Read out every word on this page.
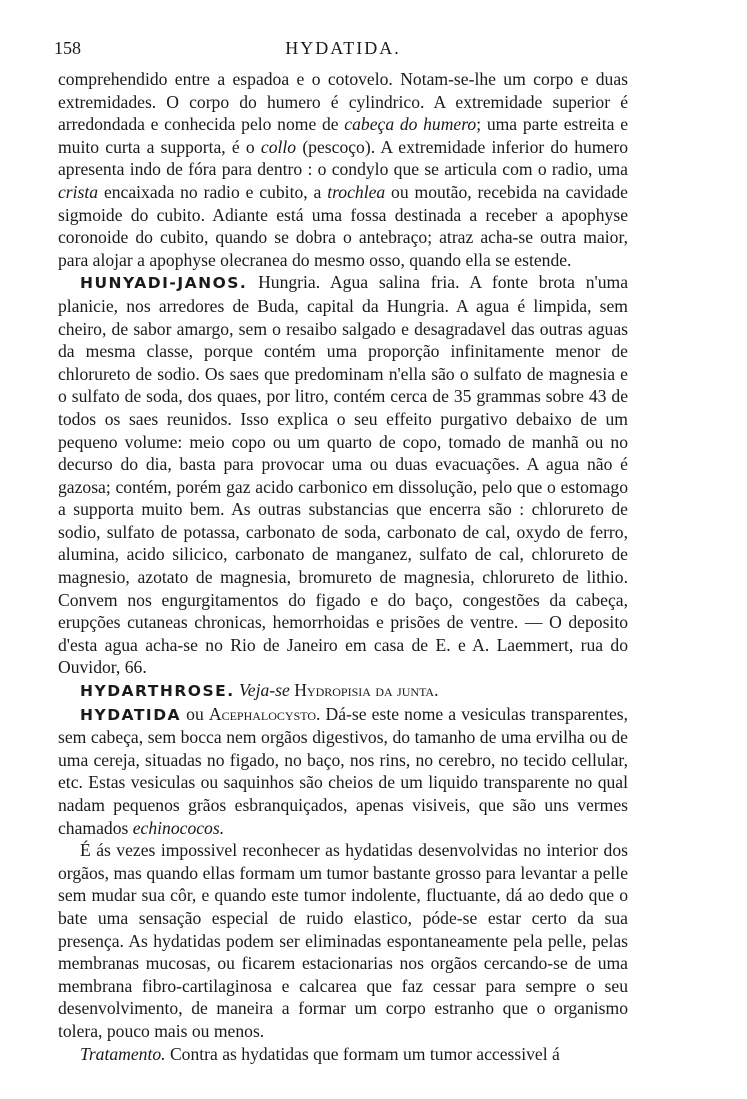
158	HYDATIDA.

comprehendido entre a espadoa e o cotovelo. Notam-se-lhe um corpo e duas extremidades. O corpo do humero é cylindrico. A extremidade superior é arredondada e conhecida pelo nome de cabeça do humero; uma parte estreita e muito curta a supporta, é o collo (pescoço). A extremidade inferior do humero apresenta indo de fóra para dentro : o condylo que se articula com o radio, uma crista encaixada no radio e cubito, a trochlea ou moutão, recebida na cavidade sigmoide do cubito. Adiante está uma fossa destinada a receber a apophyse coronoide do cubito, quando se dobra o antebraço; atraz acha-se outra maior, para alojar a apophyse olecranea do mesmo osso, quando ella se estende.

HUNYADI-JANOS. Hungria. Agua salina fria. A fonte brota n'uma planicie, nos arredores de Buda, capital da Hungria. A agua é limpida, sem cheiro, de sabor amargo, sem o resaibo salgado e desagradavel das outras aguas da mesma classe, porque contém uma proporção infinitamente menor de chlorureto de sodio. Os saes que predominam n'ella são o sulfato de magnesia e o sulfato de soda, dos quaes, por litro, contém cerca de 35 grammas sobre 43 de todos os saes reunidos. Isso explica o seu effeito purgativo debaixo de um pequeno volume: meio copo ou um quarto de copo, tomado de manhã ou no decurso do dia, basta para provocar uma ou duas evacuações. A agua não é gazosa; contém, porém gaz acido carbonico em dissolução, pelo que o estomago a supporta muito bem. As outras substancias que encerra são : chlorureto de sodio, sulfato de potassa, carbonato de soda, carbonato de cal, oxydo de ferro, alumina, acido silicico, carbonato de manganez, sulfato de cal, chlorureto de magnesio, azotato de magnesia, bromureto de magnesia, chlorureto de lithio. Convem nos engurgitamentos do figado e do baço, congestões da cabeça, erupções cutaneas chronicas, hemorrhoidas e prisões de ventre. — O deposito d'esta agua acha-se no Rio de Janeiro em casa de E. e A. Laemmert, rua do Ouvidor, 66.

HYDARTHROSE. Veja-se Hydropisia da junta.

HYDATIDA ou Acephalocysto. Dá-se este nome a vesiculas transparentes, sem cabeça, sem bocca nem orgãos digestivos, do tamanho de uma ervilha ou de uma cereja, situadas no figado, no baço, nos rins, no cerebro, no tecido cellular, etc. Estas vesiculas ou saquinhos são cheios de um liquido transparente no qual nadam pequenos grãos esbranquiçados, apenas visiveis, que são uns vermes chamados echinococos.

É ás vezes impossivel reconhecer as hydatidas desenvolvidas no interior dos orgãos, mas quando ellas formam um tumor bastante grosso para levantar a pelle sem mudar sua côr, e quando este tumor indolente, fluctuante, dá ao dedo que o bate uma sensação especial de ruido elastico, póde-se estar certo da sua presença. As hydatidas podem ser eliminadas espontaneamente pela pelle, pelas membranas mucosas, ou ficarem estacionarias nos orgãos cercando-se de uma membrana fibro-cartilaginosa e calcarea que faz cessar para sempre o seu desenvolvimento, de maneira a formar um corpo estranho que o organismo tolera, pouco mais ou menos.

Tratamento. Contra as hydatidas que formam um tumor accessivel á
